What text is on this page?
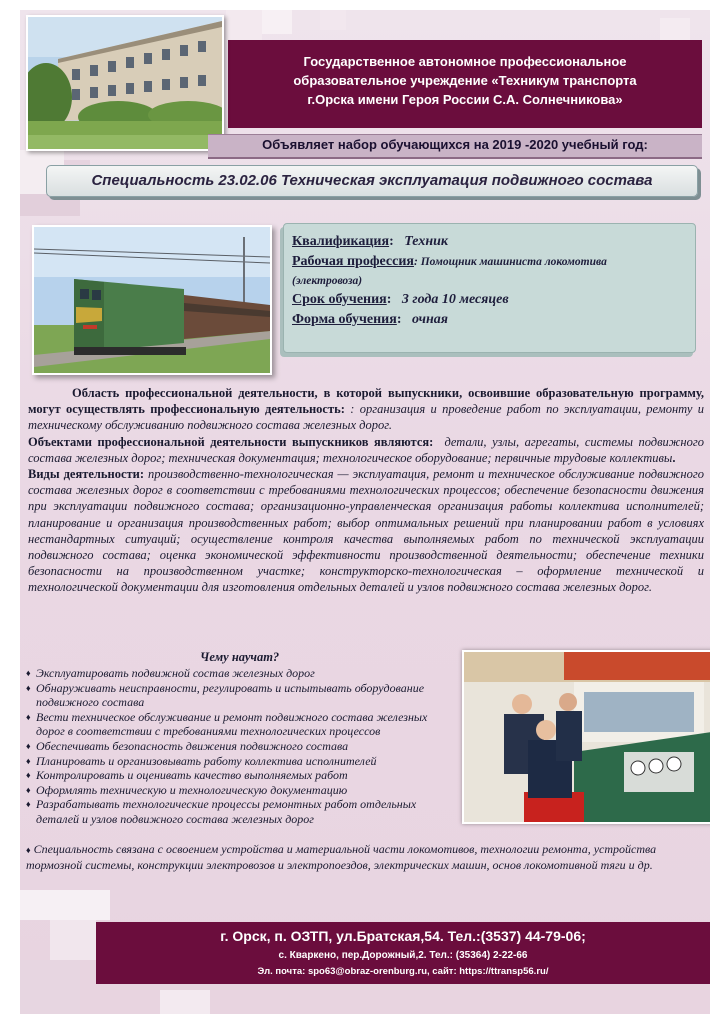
Государственное автономное профессиональное
образовательное учреждение «Техникум транспорта
г.Орска имени Героя России С.А. Солнечникова»
Объявляет набор обучающихся на 2019 -2020 учебный год:
Специальность 23.02.06 Техническая эксплуатация подвижного состава
Квалификация:   Техник
Рабочая профессия: Помощник машиниста локомотива
(электровоза)
Срок обучения:   3 года 10 месяцев
Форма обучения:   очная

Область профессиональной деятельности, в которой выпускники, освоившие образовательную программу, могут осуществлять профессиональную деятельность: : организация и проведение работ по эксплуатации, ремонту и техническому обслуживанию подвижного состава железных дорог.

Объектами профессиональной деятельности выпускников являются: детали, узлы, агрегаты, системы подвижного состава железных дорог; техническая документация; технологическое оборудование; первичные трудовые коллективы.

Виды деятельности: производственно-технологическая — эксплуатация, ремонт и техническое обслуживание подвижного состава железных дорог в соответствии с требованиями технологических процессов; обеспечение безопасности движения при эксплуатации подвижного состава; организационно-управленческая организация работы коллектива исполнителей; планирование и организация производственных работ; выбор оптимальных решений при планировании работ в условиях нестандартных ситуаций; осуществление контроля качества выполняемых работ по технической эксплуатации подвижного состава; оценка экономической эффективности производственной деятельности; обеспечение техники безопасности на производственном участке; конструкторско-технологическая – оформление технической и технологической документации для изготовления отдельных деталей и узлов подвижного состава железных дорог.

Чему научат?
♦ Эксплуатировать подвижной состав железных дорог
♦ Обнаруживать неисправности, регулировать и испытывать оборудование подвижного состава
♦ Вести техническое обслуживание и ремонт подвижного состава железных дорог в соответствии с требованиями технологических процессов
♦ Обеспечивать безопасность движения подвижного состава
♦ Планировать и организовывать работу коллектива исполнителей
♦ Контролировать и оценивать качество выполняемых работ
♦ Оформлять техническую и технологическую документацию
♦ Разрабатывать технологические процессы ремонтных работ отдельных деталей и узлов подвижного состава железных дорог
♦ Специальность связана с освоением устройства и материальной части локомотивов, технологии ремонта, устройства тормозной системы, конструкции электровозов и электропоездов, электрических машин, основ локомотивной тяги и др.
г. Орск, п. ОЗТП, ул.Братская,54. Тел.:(3537) 44-79-06;
с. Кваркено, пер.Дорожный,2. Тел.: (35364) 2-22-66
Эл. почта: spo63@obraz-orenburg.ru, сайт: https://ttransp56.ru/
